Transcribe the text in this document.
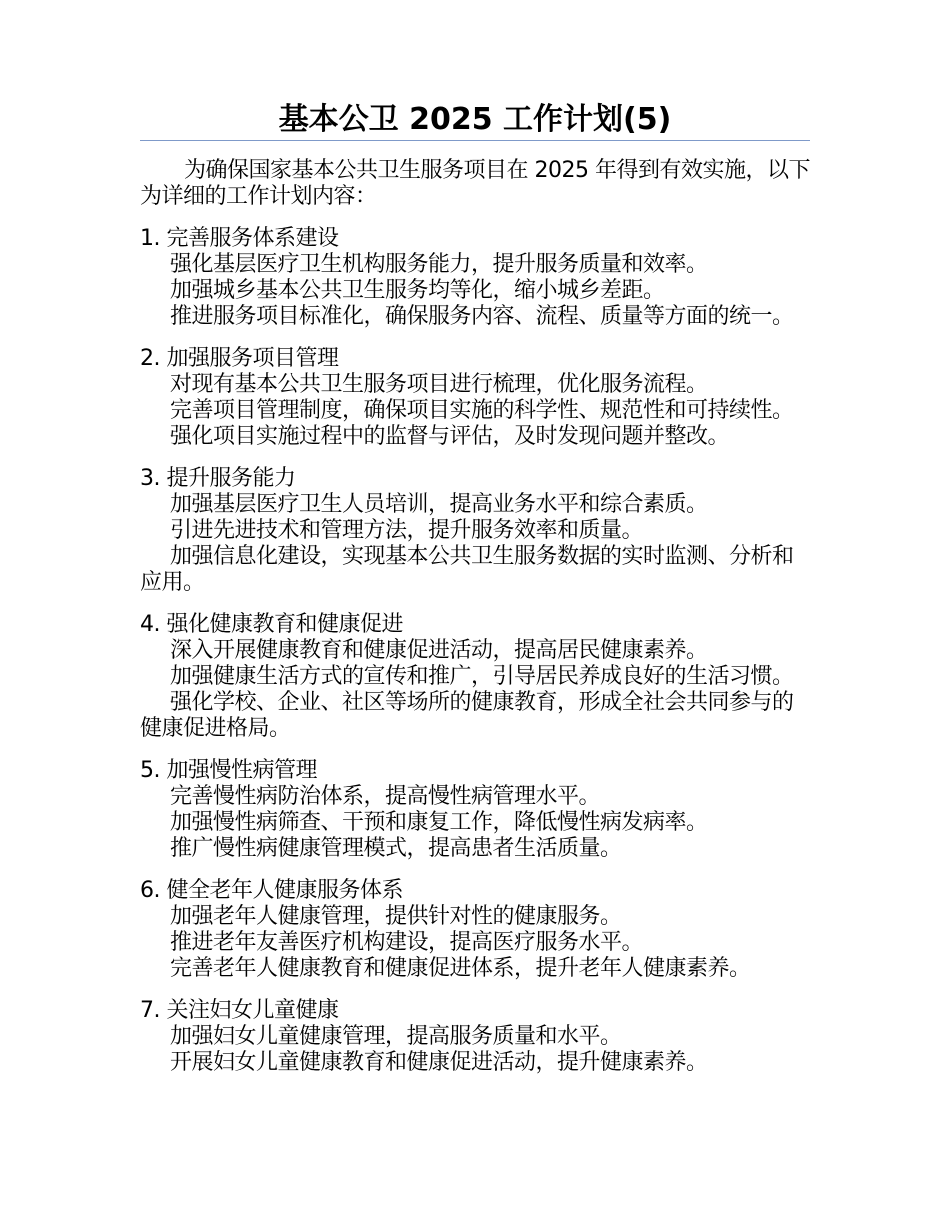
基本公卫 2025 工作计划(5)

为确保国家基本公共卫生服务项目在 2025 年得到有效实施，以下为详细的工作计划内容：

1. 完善服务体系建设

强化基层医疗卫生机构服务能力，提升服务质量和效率。

加强城乡基本公共卫生服务均等化，缩小城乡差距。

推进服务项目标准化，确保服务内容、流程、质量等方面的统一。

2. 加强服务项目管理

对现有基本公共卫生服务项目进行梳理，优化服务流程。

完善项目管理制度，确保项目实施的科学性、规范性和可持续性。

强化项目实施过程中的监督与评估，及时发现问题并整改。

3. 提升服务能力

加强基层医疗卫生人员培训，提高业务水平和综合素质。

引进先进技术和管理方法，提升服务效率和质量。

加强信息化建设，实现基本公共卫生服务数据的实时监测、分析和应用。

4. 强化健康教育和健康促进

深入开展健康教育和健康促进活动，提高居民健康素养。

加强健康生活方式的宣传和推广，引导居民养成良好的生活习惯。

强化学校、企业、社区等场所的健康教育，形成全社会共同参与的健康促进格局。

5. 加强慢性病管理

完善慢性病防治体系，提高慢性病管理水平。

加强慢性病筛查、干预和康复工作，降低慢性病发病率。

推广慢性病健康管理模式，提高患者生活质量。

6. 健全老年人健康服务体系

加强老年人健康管理，提供针对性的健康服务。

推进老年友善医疗机构建设，提高医疗服务水平。

完善老年人健康教育和健康促进体系，提升老年人健康素养。

7. 关注妇女儿童健康

加强妇女儿童健康管理，提高服务质量和水平。

开展妇女儿童健康教育和健康促进活动，提升健康素养。
